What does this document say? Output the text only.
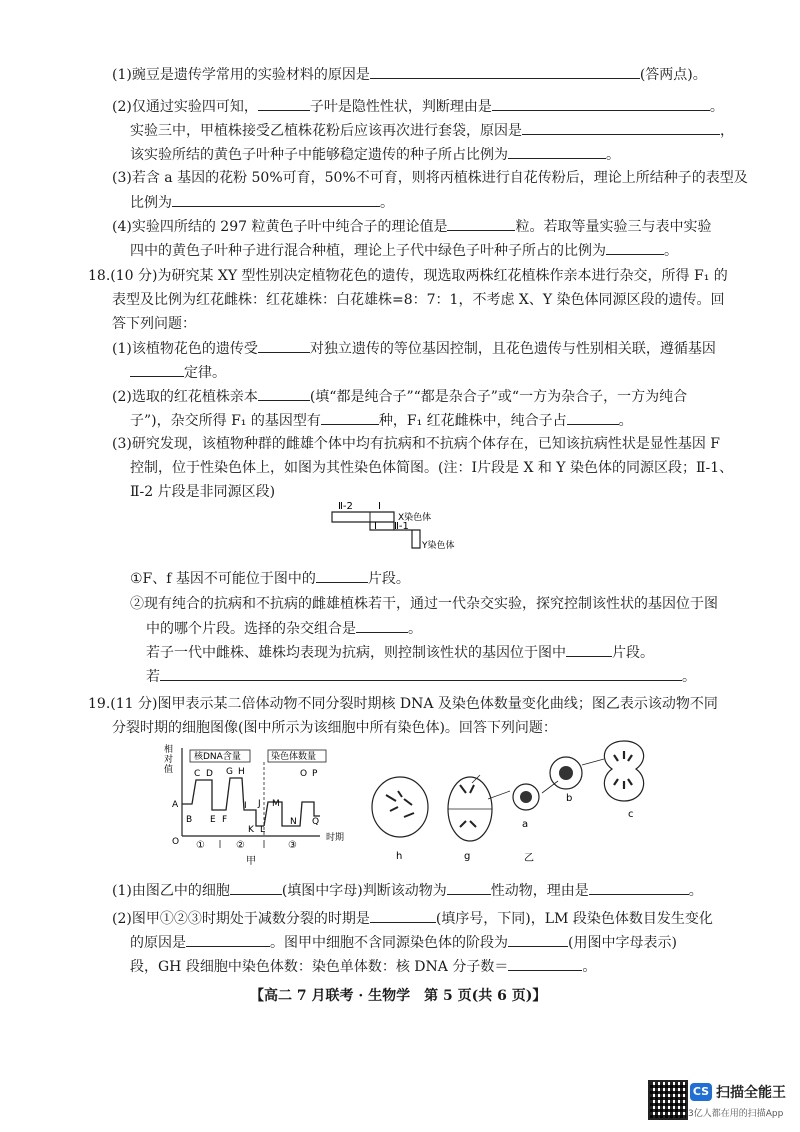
(1)豌豆是遗传学常用的实验材料的原因是	(答两点)。
(2)仅通过实验四可知，	子叶是隐性性状，判断理由是	。
实验三中，甲植株接受乙植株花粉后应该再次进行套袋，原因是	，
该实验所结的黄色子叶种子中能够稳定遗传的种子所占比例为	。
(3)若含 a 基因的花粉 50%可育，50%不可育，则将丙植株进行自花传粉后，理论上所结种子的表型及
比例为	。
(4)实验四所结的 297 粒黄色子叶中纯合子的理论值是	粒。若取等量实验三与表中实验
四中的黄色子叶种子进行混合种植，理论上子代中绿色子叶种子所占的比例为	。
18.(10 分)为研究某 XY 型性别决定植物花色的遗传，现选取两株红花植株作亲本进行杂交，所得 F₁ 的
表型及比例为红花雌株：红花雄株：白花雄株=8：7：1，不考虑 X、Y 染色体同源区段的遗传。回
答下列问题：
(1)该植物花色的遗传受	对独立遗传的等位基因控制，且花色遗传与性别相关联，遵循基因
定律。
(2)选取的红花植株亲本	(填“都是纯合子”“都是杂合子”或“一方为杂合子，一方为纯合
子”)，杂交所得 F₁ 的基因型有	种，F₁ 红花雌株中，纯合子占	。
(3)研究发现，该植物种群的雌雄个体中均有抗病和不抗病个体存在，已知该抗病性状是显性基因 F
控制，位于性染色体上，如图为其性染色体简图。(注：Ⅰ片段是 X 和 Y 染色体的同源区段；Ⅱ-1、
Ⅱ-2 片段是非同源区段)
Ⅱ-2	Ⅰ
X染色体
Ⅰ Ⅱ-1
Y染色体
①F、f 基因不可能位于图中的	片段。
②现有纯合的抗病和不抗病的雌雄植株若干，通过一代杂交实验，探究控制该性状的基因位于图
中的哪个片段。选择的杂交组合是	。
若子一代中雌株、雄株均表现为抗病，则控制该性状的基因位于图中	片段。
若	。
19.(11 分)图甲表示某二倍体动物不同分裂时期核 DNA 及染色体数量变化曲线；图乙表示该动物不同
分裂时期的细胞图像(图中所示为该细胞中所有染色体)。回答下列问题：
相
对
值
核DNA含量	染色体数量
C D G H	O P
A
B E F
I J M
K L
N Q
O ①	②	③
时期
甲	h	g
a
b
c
乙
(1)由图乙中的细胞	(填图中字母)判断该动物为	性动物，理由是	。
(2)图甲①②③时期处于减数分裂的时期是	(填序号，下同)，LM 段染色体数目发生变化
的原因是	。图甲中细胞不含同源染色体的阶段为	(用图中字母表示)
段，GH 段细胞中染色体数：染色单体数：核 DNA 分子数＝	。
【高二 7 月联考 · 生物学　第 5 页(共 6 页)】
CS 扫描全能王
3亿人都在用的扫描App
